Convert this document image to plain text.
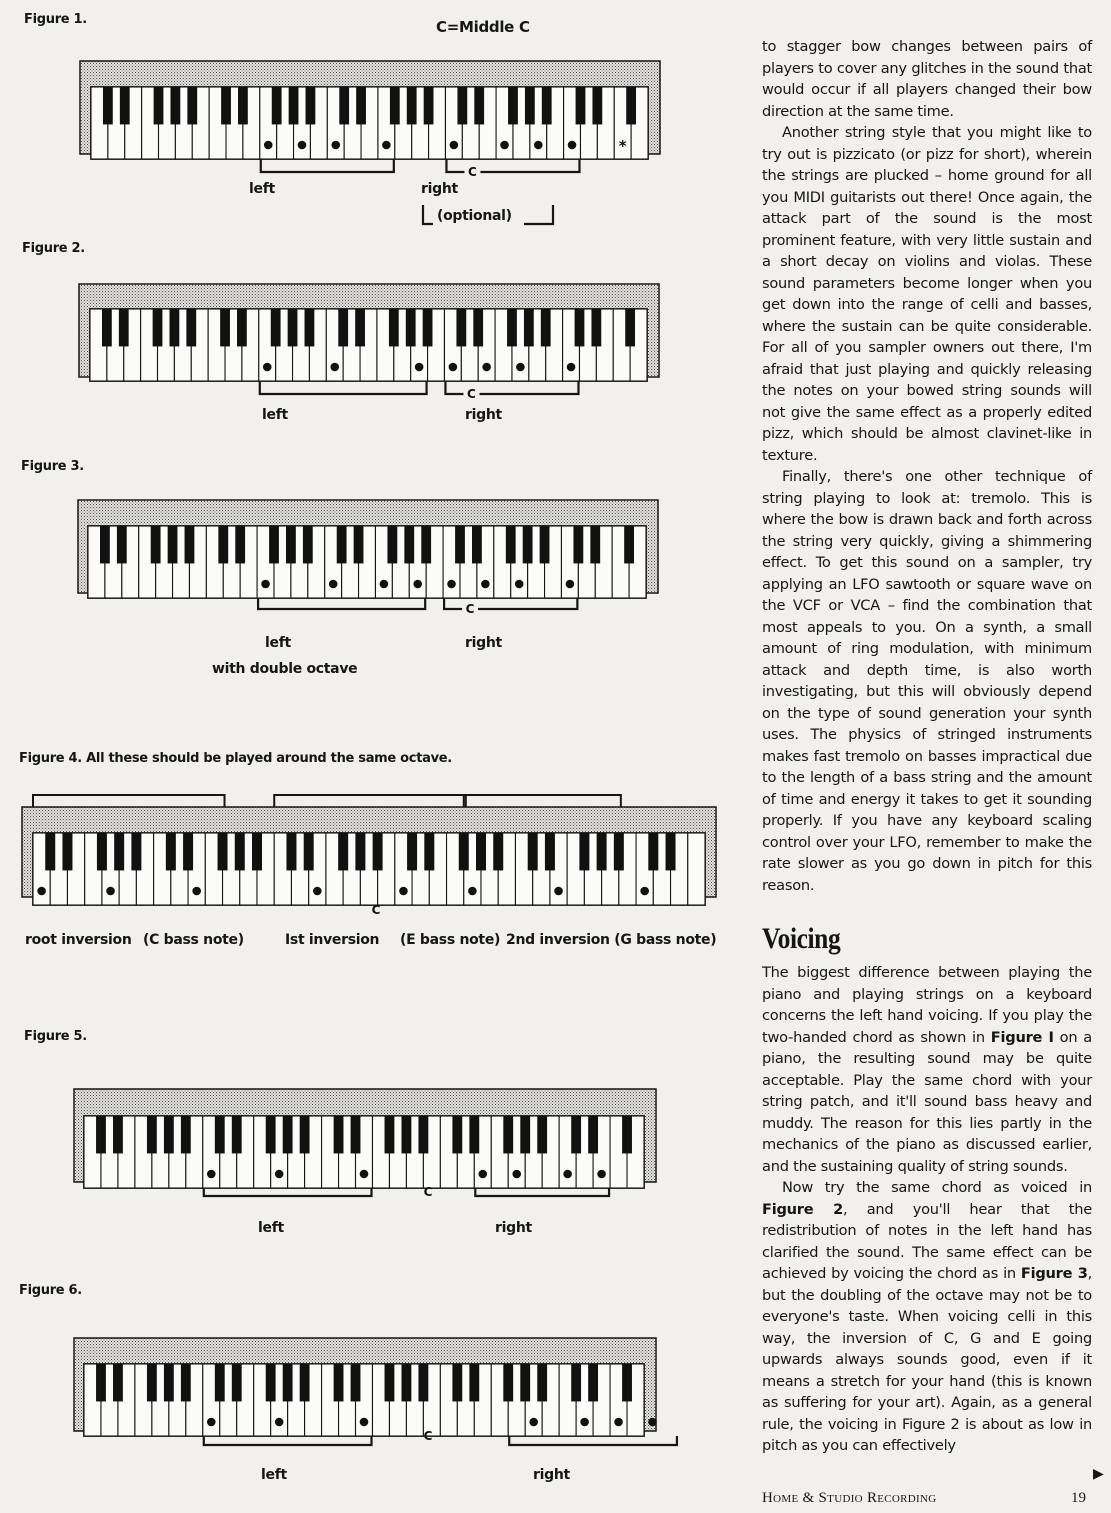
Figure 1.	C=Middle C
*
C
left	right
(optional)
Figure 2.
C
left	right
Figure 3.
C
left	right
with double octave
Figure 4. All these should be played around the same octave.
C
root inversion (C bass note)	Ist inversion (E bass note) 2nd inversion (G bass note)
Figure 5.
C
left	right
Figure 6.
C
left	right

to stagger bow changes between pairs of players to cover any glitches in the sound that would occur if all players changed their bow direction at the same time.

Another string style that you might like to try out is pizzicato (or pizz for short), wherein the strings are plucked – home ground for all you MIDI guitarists out there! Once again, the attack part of the sound is the most prominent feature, with very little sustain and a short decay on violins and violas. These sound parameters become longer when you get down into the range of celli and basses, where the sustain can be quite considerable. For all of you sampler owners out there, I'm afraid that just playing and quickly releasing the notes on your bowed string sounds will not give the same effect as a properly edited pizz, which should be almost clavinet-like in texture.

Finally, there's one other technique of string playing to look at: tremolo. This is where the bow is drawn back and forth across the string very quickly, giving a shimmering effect. To get this sound on a sampler, try applying an LFO sawtooth or square wave on the VCF or VCA – find the combination that most appeals to you. On a synth, a small amount of ring modulation, with minimum attack and depth time, is also worth investigating, but this will obviously depend on the type of sound generation your synth uses. The physics of stringed instruments makes fast tremolo on basses impractical due to the length of a bass string and the amount of time and energy it takes to get it sounding properly. If you have any keyboard scaling control over your LFO, remember to make the rate slower as you go down in pitch for this reason.

Voicing

The biggest difference between playing the piano and playing strings on a keyboard concerns the left hand voicing. If you play the two-handed chord as shown in Figure I on a piano, the resulting sound may be quite acceptable. Play the same chord with your string patch, and it'll sound bass heavy and muddy. The reason for this lies partly in the mechanics of the piano as discussed earlier, and the sustaining quality of string sounds.

Now try the same chord as voiced in Figure 2, and you'll hear that the redistribution of notes in the left hand has clarified the sound. The same effect can be achieved by voicing the chord as in Figure 3, but the doubling of the octave may not be to everyone's taste. When voicing celli in this way, the inversion of C, G and E going upwards always sounds good, even if it means a stretch for your hand (this is known as suffering for your art). Again, as a general rule, the voicing in Figure 2 is about as low in pitch as you can effectively

▶
Home & Studio Recording	19
